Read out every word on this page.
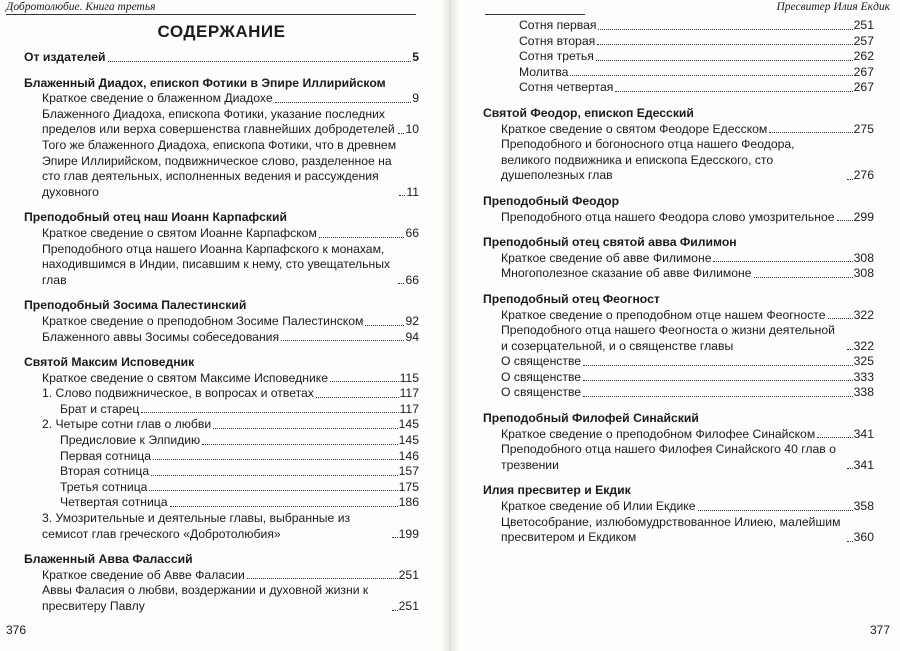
Добротолюбие. Книга третья
СОДЕРЖАНИЕ
От издателей	5
Блаженный Диадох, епископ Фотики в Эпире Иллирийском
Краткое сведение о блаженном Диадохе	9
Блаженного Диадоха, епископа Фотики, указание последних пределов или верха совершенства главнейших добродетелей 10
Того же блаженного Диадоха, епископа Фотики, что в древнем Эпире Иллирийском, подвижническое слово, разделенное на сто глав деятельных, исполненных ведения и рассуждения духовного	11
Преподобный отец наш Иоанн Карпафский
Краткое сведение о святом Иоанне Карпафском	66
Преподобного отца нашего Иоанна Карпафского к монахам, находившимся в Индии, писавшим к нему, сто увещательных глав	66
Преподобный Зосима Палестинский
Краткое сведение о преподобном Зосиме Палестинском	92
Блаженного аввы Зосимы собеседования	94
Святой Максим Исповедник
Краткое сведение о святом Максиме Исповеднике	115
1. Слово подвижническое, в вопросах и ответах	117
Брат и старец	117
2. Четыре сотни глав о любви	145
Предисловие к Элпидию	145
Первая сотница	146
Вторая сотница	157
Третья сотница	175
Четвертая сотница	186
3. Умозрительные и деятельные главы, выбранные из семисот глав греческого «Добротолюбия»	199
Блаженный Авва Фалассий
Краткое сведение об Авве Фаласии	251
Аввы Фаласия о любви, воздержании и духовной жизни к пресвитеру Павлу	251
376
Пресвитер Илия Екдик
Сотня первая	251
Сотня вторая	257
Сотня третья	262
Молитва	267
Сотня четвертая	267
Святой Феодор, епископ Едесский
Краткое сведение о святом Феодоре Едесском	275
Преподобного и богоносного отца нашего Феодора, великого подвижника и епископа Едесского, сто душеполезных глав	276
Преподобный Феодор
Преподобного отца нашего Феодора слово умозрительное 299
Преподобный отец святой авва Филимон
Краткое сведение об авве Филимоне	308
Многополезное сказание об авве Филимоне	308
Преподобный отец Феогност
Краткое сведение о преподобном отце нашем Феогносте 322
Преподобного отца нашего Феогноста о жизни деятельной и созерцательной, и о священстве главы	322
О священстве	325
О священстве	333
О священстве	338
Преподобный Филофей Синайский
Краткое сведение о преподобном Филофее Синайском	341
Преподобного отца нашего Филофея Синайского 40 глав о трезвении	341
Илия пресвитер и Екдик
Краткое сведение об Илии Екдике	358
Цветособрание, излюбомудрствованное Илиею, малейшим пресвитером и Екдиком	360
377
